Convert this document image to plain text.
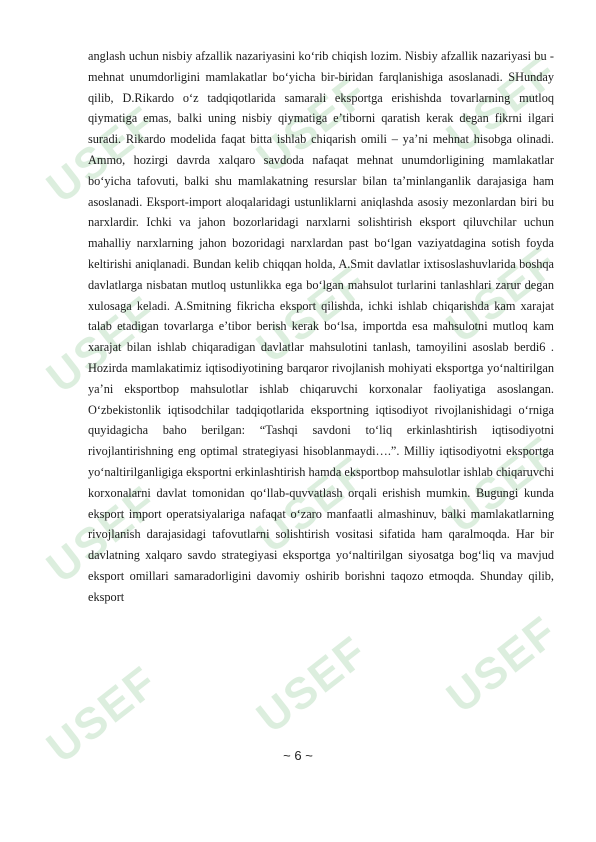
USEF USEF USEF
USEF USEF USEF
USEF USEF USEF
USEF USEF USEF

anglash uchun nisbiy afzallik nazariyasini ko‘rib chiqish lozim. Nisbiy afzallik nazariyasi bu - mehnat unumdorligini mamlakatlar bo‘yicha bir-biridan farqlanishiga asoslanadi. SHunday qilib, D.Rikardo o‘z tadqiqotlarida samarali eksportga erishishda tovarlarning mutloq qiymatiga emas, balki uning nisbiy qiymatiga e’tiborni qaratish kerak degan fikrni ilgari suradi. Rikardo modelida faqat bitta ishlab chiqarish omili – ya’ni mehnat hisobga olinadi. Ammo, hozirgi davrda xalqaro savdoda nafaqat mehnat unumdorligining mamlakatlar bo‘yicha tafovuti, balki shu mamlakatning resurslar bilan ta’minlanganlik darajasiga ham asoslanadi. Eksport-import aloqalaridagi ustunliklarni aniqlashda asosiy mezonlardan biri bu narxlardir. Ichki va jahon bozorlaridagi narxlarni solishtirish eksport qiluvchilar uchun mahalliy narxlarning jahon bozoridagi narxlardan past bo‘lgan vaziyatdagina sotish foyda keltirishi aniqlanadi. Bundan kelib chiqqan holda, A.Smit davlatlar ixtisoslashuvlarida boshqa davlatlarga nisbatan mutloq ustunlikka ega bo‘lgan mahsulot turlarini tanlashlari zarur degan xulosaga keladi. A.Smitning fikricha eksport qilishda, ichki ishlab chiqarishda kam xarajat talab etadigan tovarlarga e’tibor berish kerak bo‘lsa, importda esa mahsulotni mutloq kam xarajat bilan ishlab chiqaradigan davlatlar mahsulotini tanlash, tamoyilini asoslab berdi6 . Hozirda mamlakatimiz iqtisodiyotining barqaror rivojlanish mohiyati eksportga yo‘naltirilgan ya’ni eksportbop mahsulotlar ishlab chiqaruvchi korxonalar faoliyatiga asoslangan. O‘zbekistonlik iqtisodchilar tadqiqotlarida eksportning iqtisodiyot rivojlanishidagi o‘rniga quyidagicha baho berilgan: “Tashqi savdoni to‘liq erkinlashtirish iqtisodiyotni rivojlantirishning eng optimal strategiyasi hisoblanmaydi….”. Milliy iqtisodiyotni eksportga yo‘naltirilganligiga eksportni erkinlashtirish hamda eksportbop mahsulotlar ishlab chiqaruvchi korxonalarni davlat tomonidan qo‘llab-quvvatlash orqali erishish mumkin. Bugungi kunda eksport import operatsiyalariga nafaqat o‘zaro manfaatli almashinuv, balki mamlakatlarning rivojlanish darajasidagi tafovutlarni solishtirish vositasi sifatida ham qaralmoqda. Har bir davlatning xalqaro savdo strategiyasi eksportga yo‘naltirilgan siyosatga bog‘liq va mavjud eksport omillari samaradorligini davomiy oshirib borishni taqozo etmoqda. Shunday qilib, eksport

~ 6 ~
